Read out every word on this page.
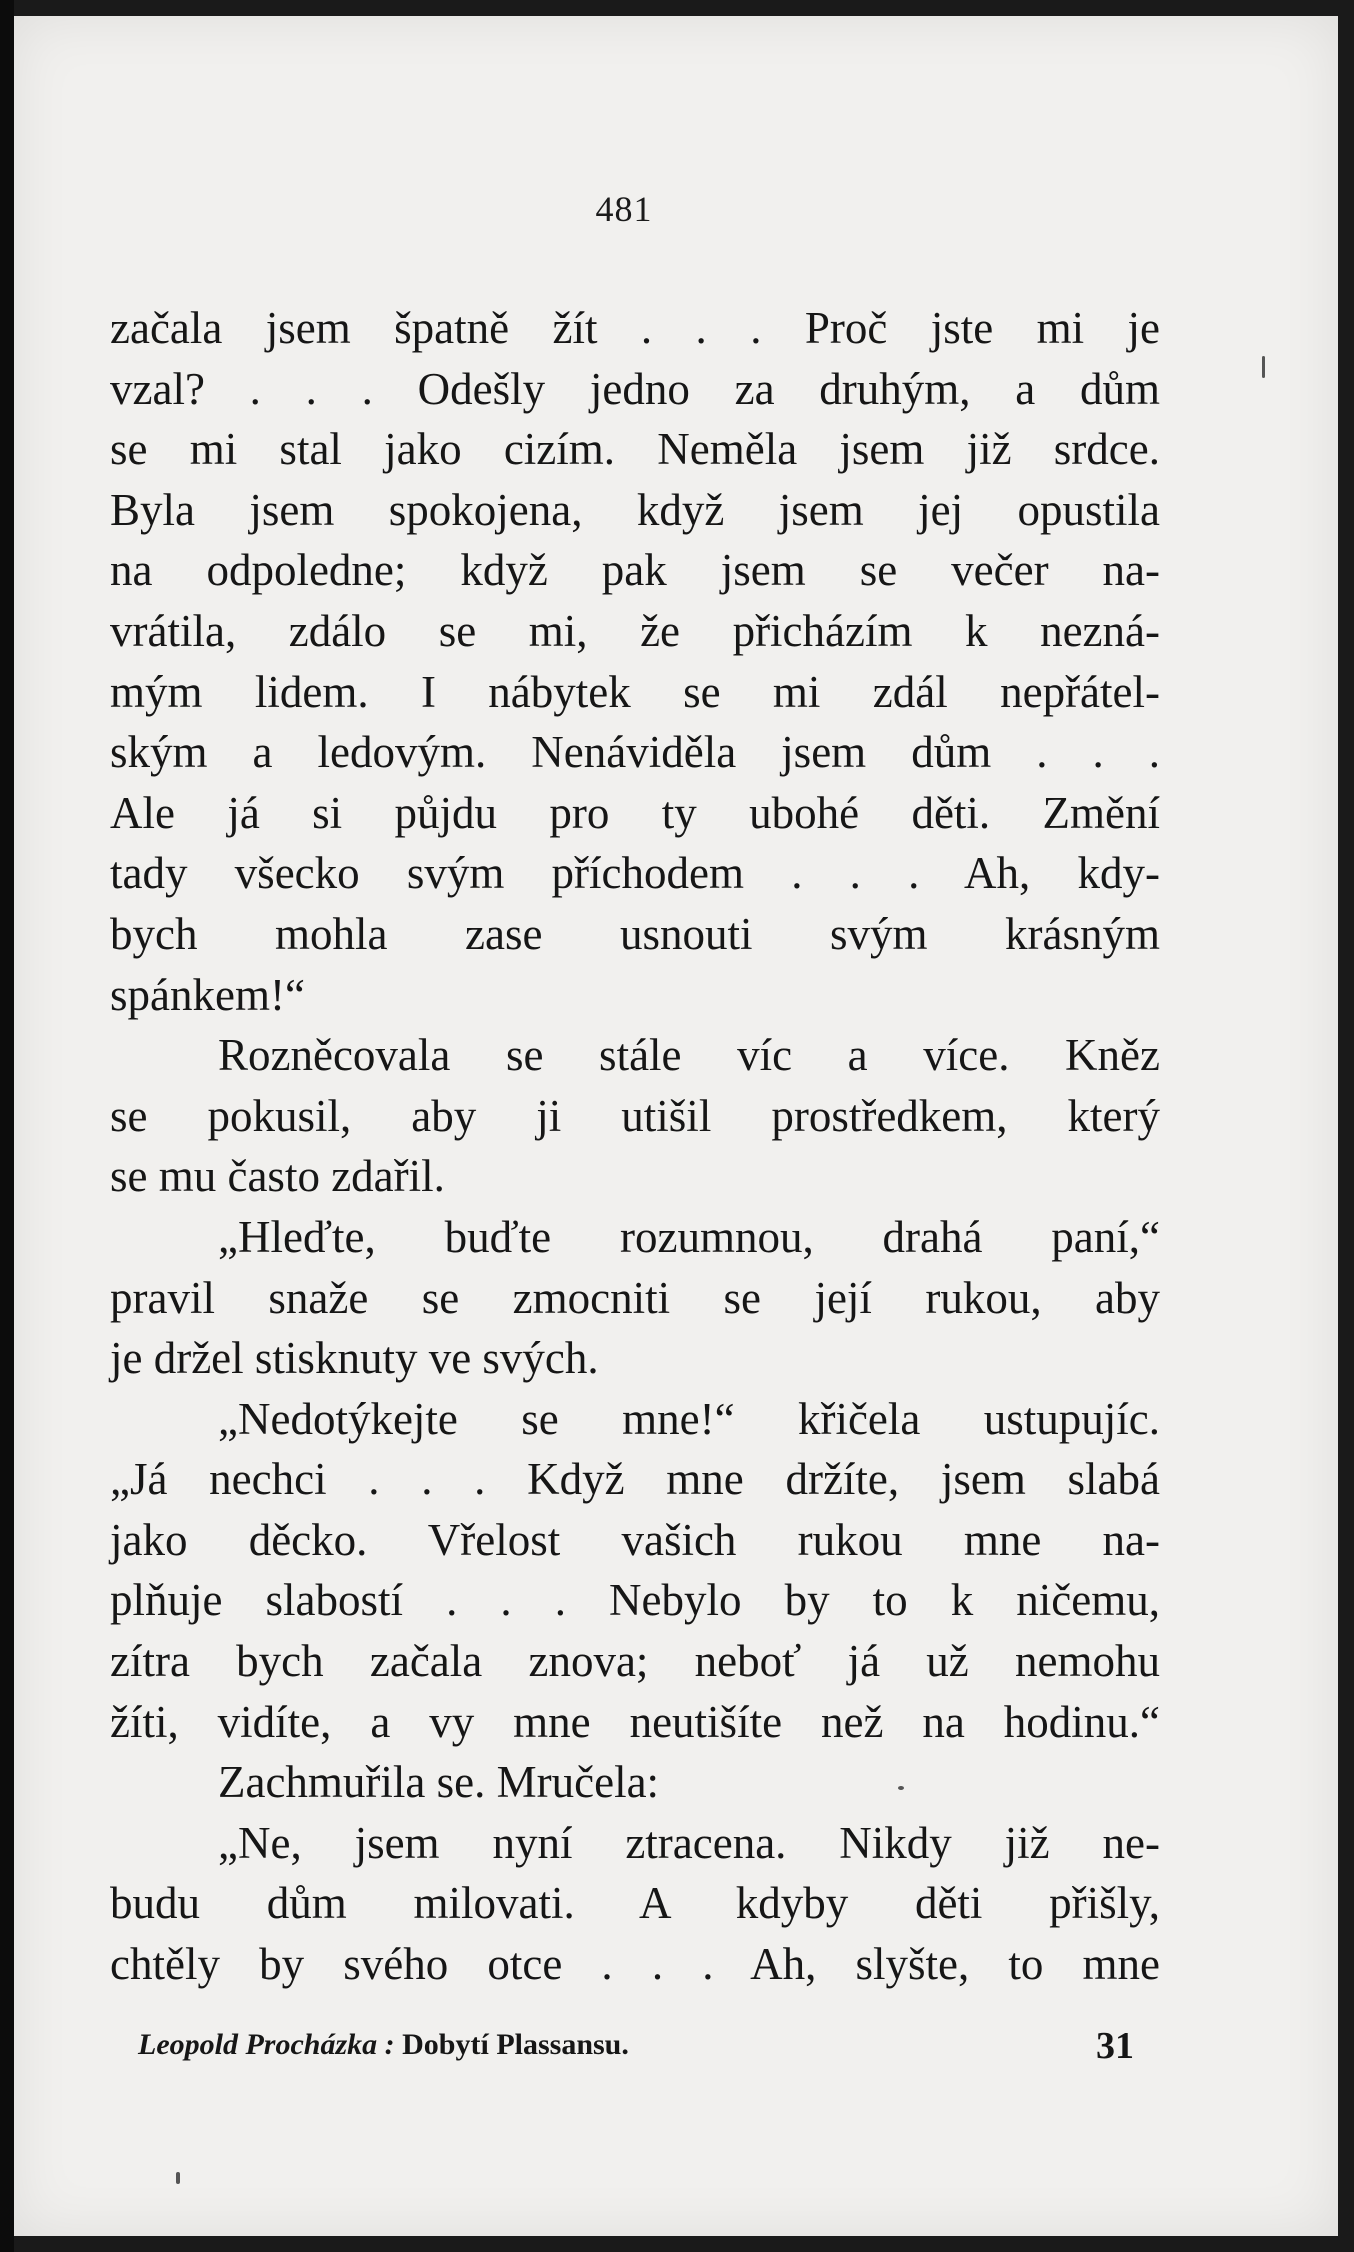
481
začala jsem špatně žít . . . Proč jste mi je
vzal? . . . Odešly jedno za druhým, a dům
se mi stal jako cizím. Neměla jsem již srdce.
Byla jsem spokojena, když jsem jej opustila
na odpoledne; když pak jsem se večer na-
vrátila, zdálo se mi, že přicházím k nezná-
mým lidem. I nábytek se mi zdál nepřátel-
ským a ledovým. Nenáviděla jsem dům . . .
Ale já si půjdu pro ty ubohé děti. Změní
tady všecko svým příchodem . . . Ah, kdy-
bych mohla zase usnouti svým krásným
spánkem!“
Rozněcovala se stále víc a více. Kněz
se pokusil, aby ji utišil prostředkem, který
se mu často zdařil.
„Hleďte, buďte rozumnou, drahá paní,“
pravil snaže se zmocniti se její rukou, aby
je držel stisknuty ve svých.
„Nedotýkejte se mne!“ křičela ustupujíc.
„Já nechci . . . Když mne držíte, jsem slabá
jako děcko. Vřelost vašich rukou mne na-
plňuje slabostí . . . Nebylo by to k ničemu,
zítra bych začala znova; neboť já už nemohu
žíti, vidíte, a vy mne neutišíte než na hodinu.“
Zachmuřila se. Mručela:
„Ne, jsem nyní ztracena. Nikdy již ne-
budu dům milovati. A kdyby děti přišly,
chtěly by svého otce . . . Ah, slyšte, to mne
Leopold Procházka : Dobytí Plassansu.	31
